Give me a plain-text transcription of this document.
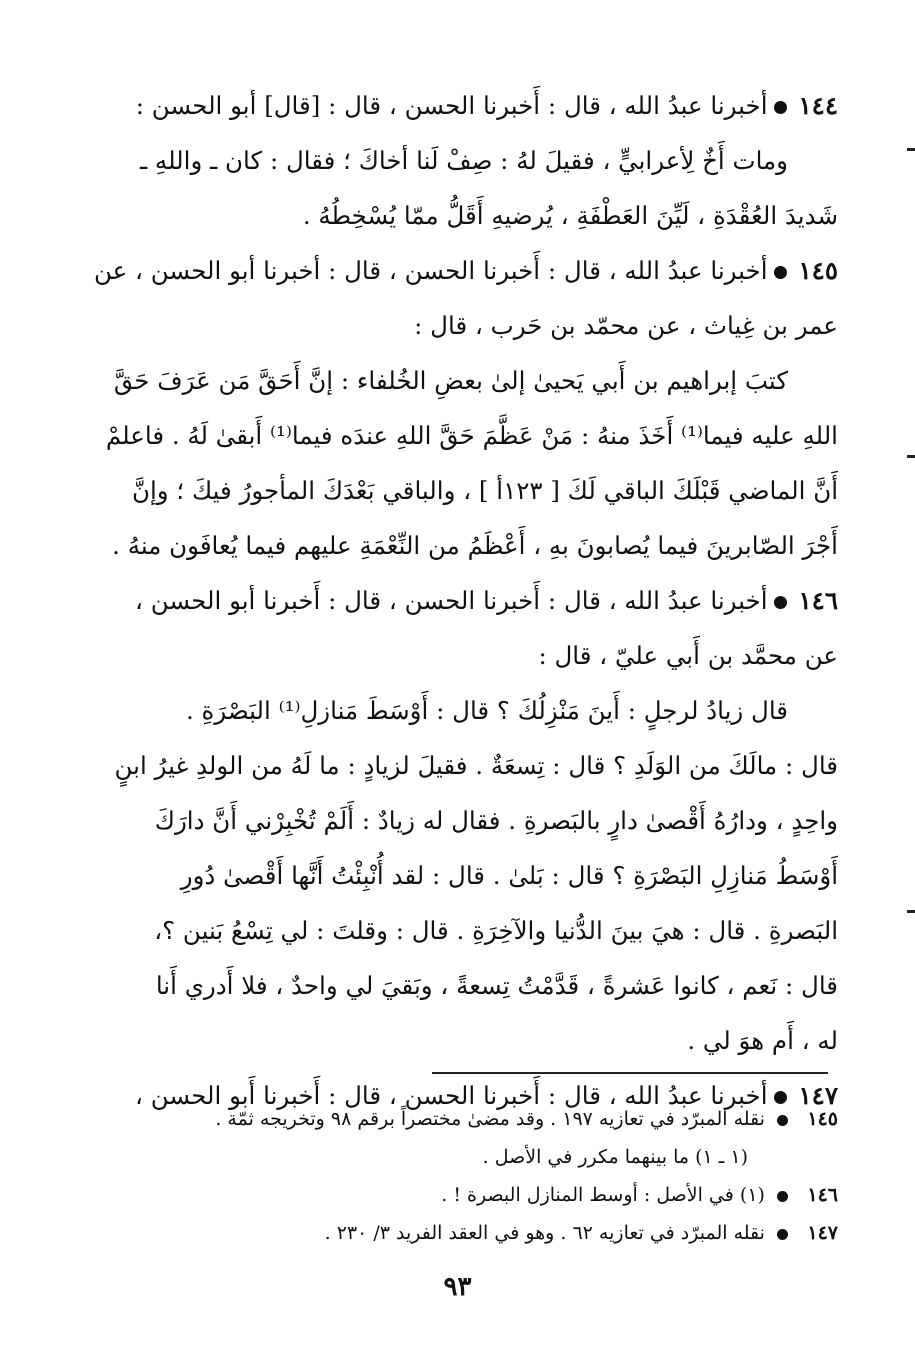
١٤٤أخبرنا عبدُ الله ، قال : أَخبرنا الحسن ، قال : [قال] أبو الحسن :
ومات أَخٌ لِأعرابيٍّ ، فقيلَ لهُ : صِفْ لَنا أخاكَ ؛ فقال : كان ـ واللهِ ـ
شَديدَ العُقْدَةِ ، لَيِّنَ العَطْفَةِ ، يُرضيهِ أَقَلُّ ممّا يُسْخِطُهُ .
١٤٥أخبرنا عبدُ الله ، قال : أَخبرنا الحسن ، قال : أخبرنا أبو الحسن ، عن
عمر بن غِياث ، عن محمّد بن حَرب ، قال :
كتبَ إبراهيم بن أَبي يَحيىٰ إلىٰ بعضِ الخُلفاء : إنَّ أَحَقَّ مَن عَرَفَ حَقَّ
اللهِ عليه فيما⁽¹⁾ أَخَذَ منهُ : مَنْ عَظَّمَ حَقَّ اللهِ عندَه فيما⁽¹⁾ أَبقىٰ لَهُ . فاعلمْ
أَنَّ الماضي قَبْلَكَ الباقي لَكَ [ ١٢٣أ ] ، والباقي بَعْدَكَ المأجورُ فيكَ ؛ وإنَّ
أَجْرَ الصّابرينَ فيما يُصابونَ بهِ ، أَعْظَمُ من النِّعْمَةِ عليهم فيما يُعافَون منهُ .
١٤٦أخبرنا عبدُ الله ، قال : أَخبرنا الحسن ، قال : أَخبرنا أبو الحسن ،
عن محمَّد بن أَبي عليّ ، قال :
قال زيادُ لرجلٍ : أَينَ مَنْزِلُكَ ؟ قال : أَوْسَطَ مَنازلِ⁽¹⁾ البَصْرَةِ .
قال : مالَكَ من الوَلَدِ ؟ قال : تِسعَةٌ . فقيلَ لزيادٍ : ما لَهُ من الولدِ غيرُ ابنٍ
واحِدٍ ، ودارُهُ أَقْصىٰ دارٍ بالبَصرةِ . فقال له زيادٌ : أَلَمْ تُخْبِرْني أَنَّ دارَكَ
أَوْسَطُ مَنازِلِ البَصْرَةِ ؟ قال : بَلىٰ . قال : لقد أُنْبِئْتُ أَنَّها أَقْصىٰ دُورِ
البَصرةِ . قال : هيَ بينَ الدُّنيا والآخِرَةِ . قال : وقلتَ : لي تِسْعُ بَنين ؟،
قال : نَعم ، كانوا عَشرةً ، قَدَّمْتُ تِسعةً ، وبَقيَ لي واحدٌ ، فلا أَدري أَنا
له ، أَم هوَ لي .
١٤٧أخبرنا عبدُ الله ، قال : أَخبرنا الحسن ، قال : أَخبرنا أَبو الحسن ،
١٤٥ نقله المبرّد في تعازيه ١٩٧ . وقد مضىٰ مختصراً برقم ٩٨ وتخريجه ثمّة .
(١ ـ ١) ما بينهما مكرر في الأصل .
١٤٦ (١) في الأصل : أوسط المنازل البصرة ! .
١٤٧ نقله المبرّد في تعازيه ٦٢ . وهو في العقد الفريد ٣/ ٢٣٠ .
٩٣
